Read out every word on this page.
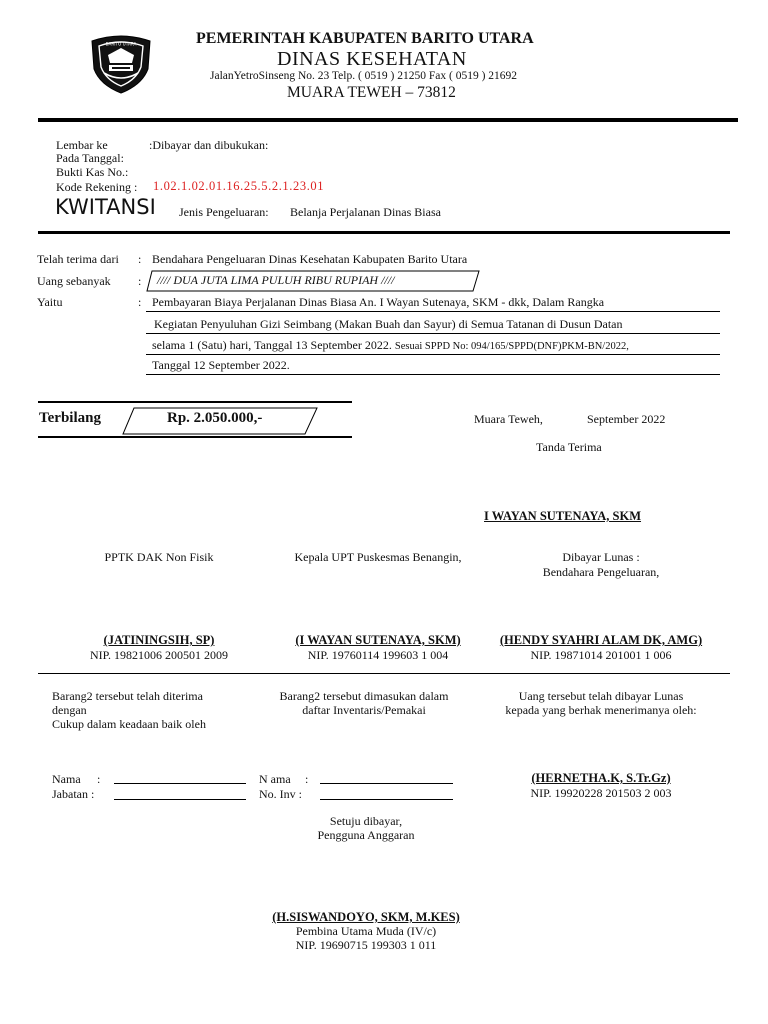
BARITO UTARA	PEMERINTAH KABUPATEN BARITO UTARA
DINAS KESEHATAN
JalanYetroSinseng No. 23 Telp. ( 0519 ) 21250 Fax ( 0519 ) 21692
MUARA TEWEH – 73812
Lembar ke	:Dibayar dan dibukukan:
Pada Tanggal:
Bukti Kas No.:
Kode Rekening : 1.02.1.02.01.16.25.5.2.1.23.01
KWITANSI Jenis Pengeluaran: Belanja Perjalanan Dinas Biasa
Telah terima dari : Bendahara Pengeluaran Dinas Kesehatan Kabupaten Barito Utara
Uang sebanyak : //// DUA JUTA LIMA PULUH RIBU RUPIAH ////
Yaitu	: Pembayaran Biaya Perjalanan Dinas Biasa An. I Wayan Sutenaya, SKM - dkk, Dalam Rangka
Kegiatan Penyuluhan Gizi Seimbang (Makan Buah dan Sayur) di Semua Tatanan di Dusun Datan
selama 1 (Satu) hari, Tanggal 13 September 2022. Sesuai SPPD No: 094/165/SPPD(DNF)PKM-BN/2022,
Tanggal 12 September 2022.
Terbilang	Rp. 2.050.000,-	Muara Teweh,	September 2022
Tanda Terima
I WAYAN SUTENAYA, SKM
PPTK DAK Non Fisik
(JATININGSIH, SP)
NIP. 19821006 200501 2009
Kepala UPT Puskesmas Benangin,
(I WAYAN SUTENAYA, SKM)
NIP. 19760114 199603 1 004
Dibayar Lunas :
Bendahara Pengeluaran,
(HENDY SYAHRI ALAM DK, AMG)
NIP. 19871014 201001 1 006
Barang2 tersebut telah diterima
dengan
Cukup dalam keadaan baik oleh
Barang2 tersebut dimasukan dalam
daftar Inventaris/Pemakai
Uang tersebut telah dibayar Lunas
kepada yang berhak menerimanya oleh:
Nama :
Jabatan :
N ama :
No. Inv :
(HERNETHA.K, S.Tr.Gz)
NIP. 19920228 201503 2 003
Setuju dibayar,
Pengguna Anggaran
(H.SISWANDOYO, SKM, M.KES)
Pembina Utama Muda (IV/c)
NIP. 19690715 199303 1 011
